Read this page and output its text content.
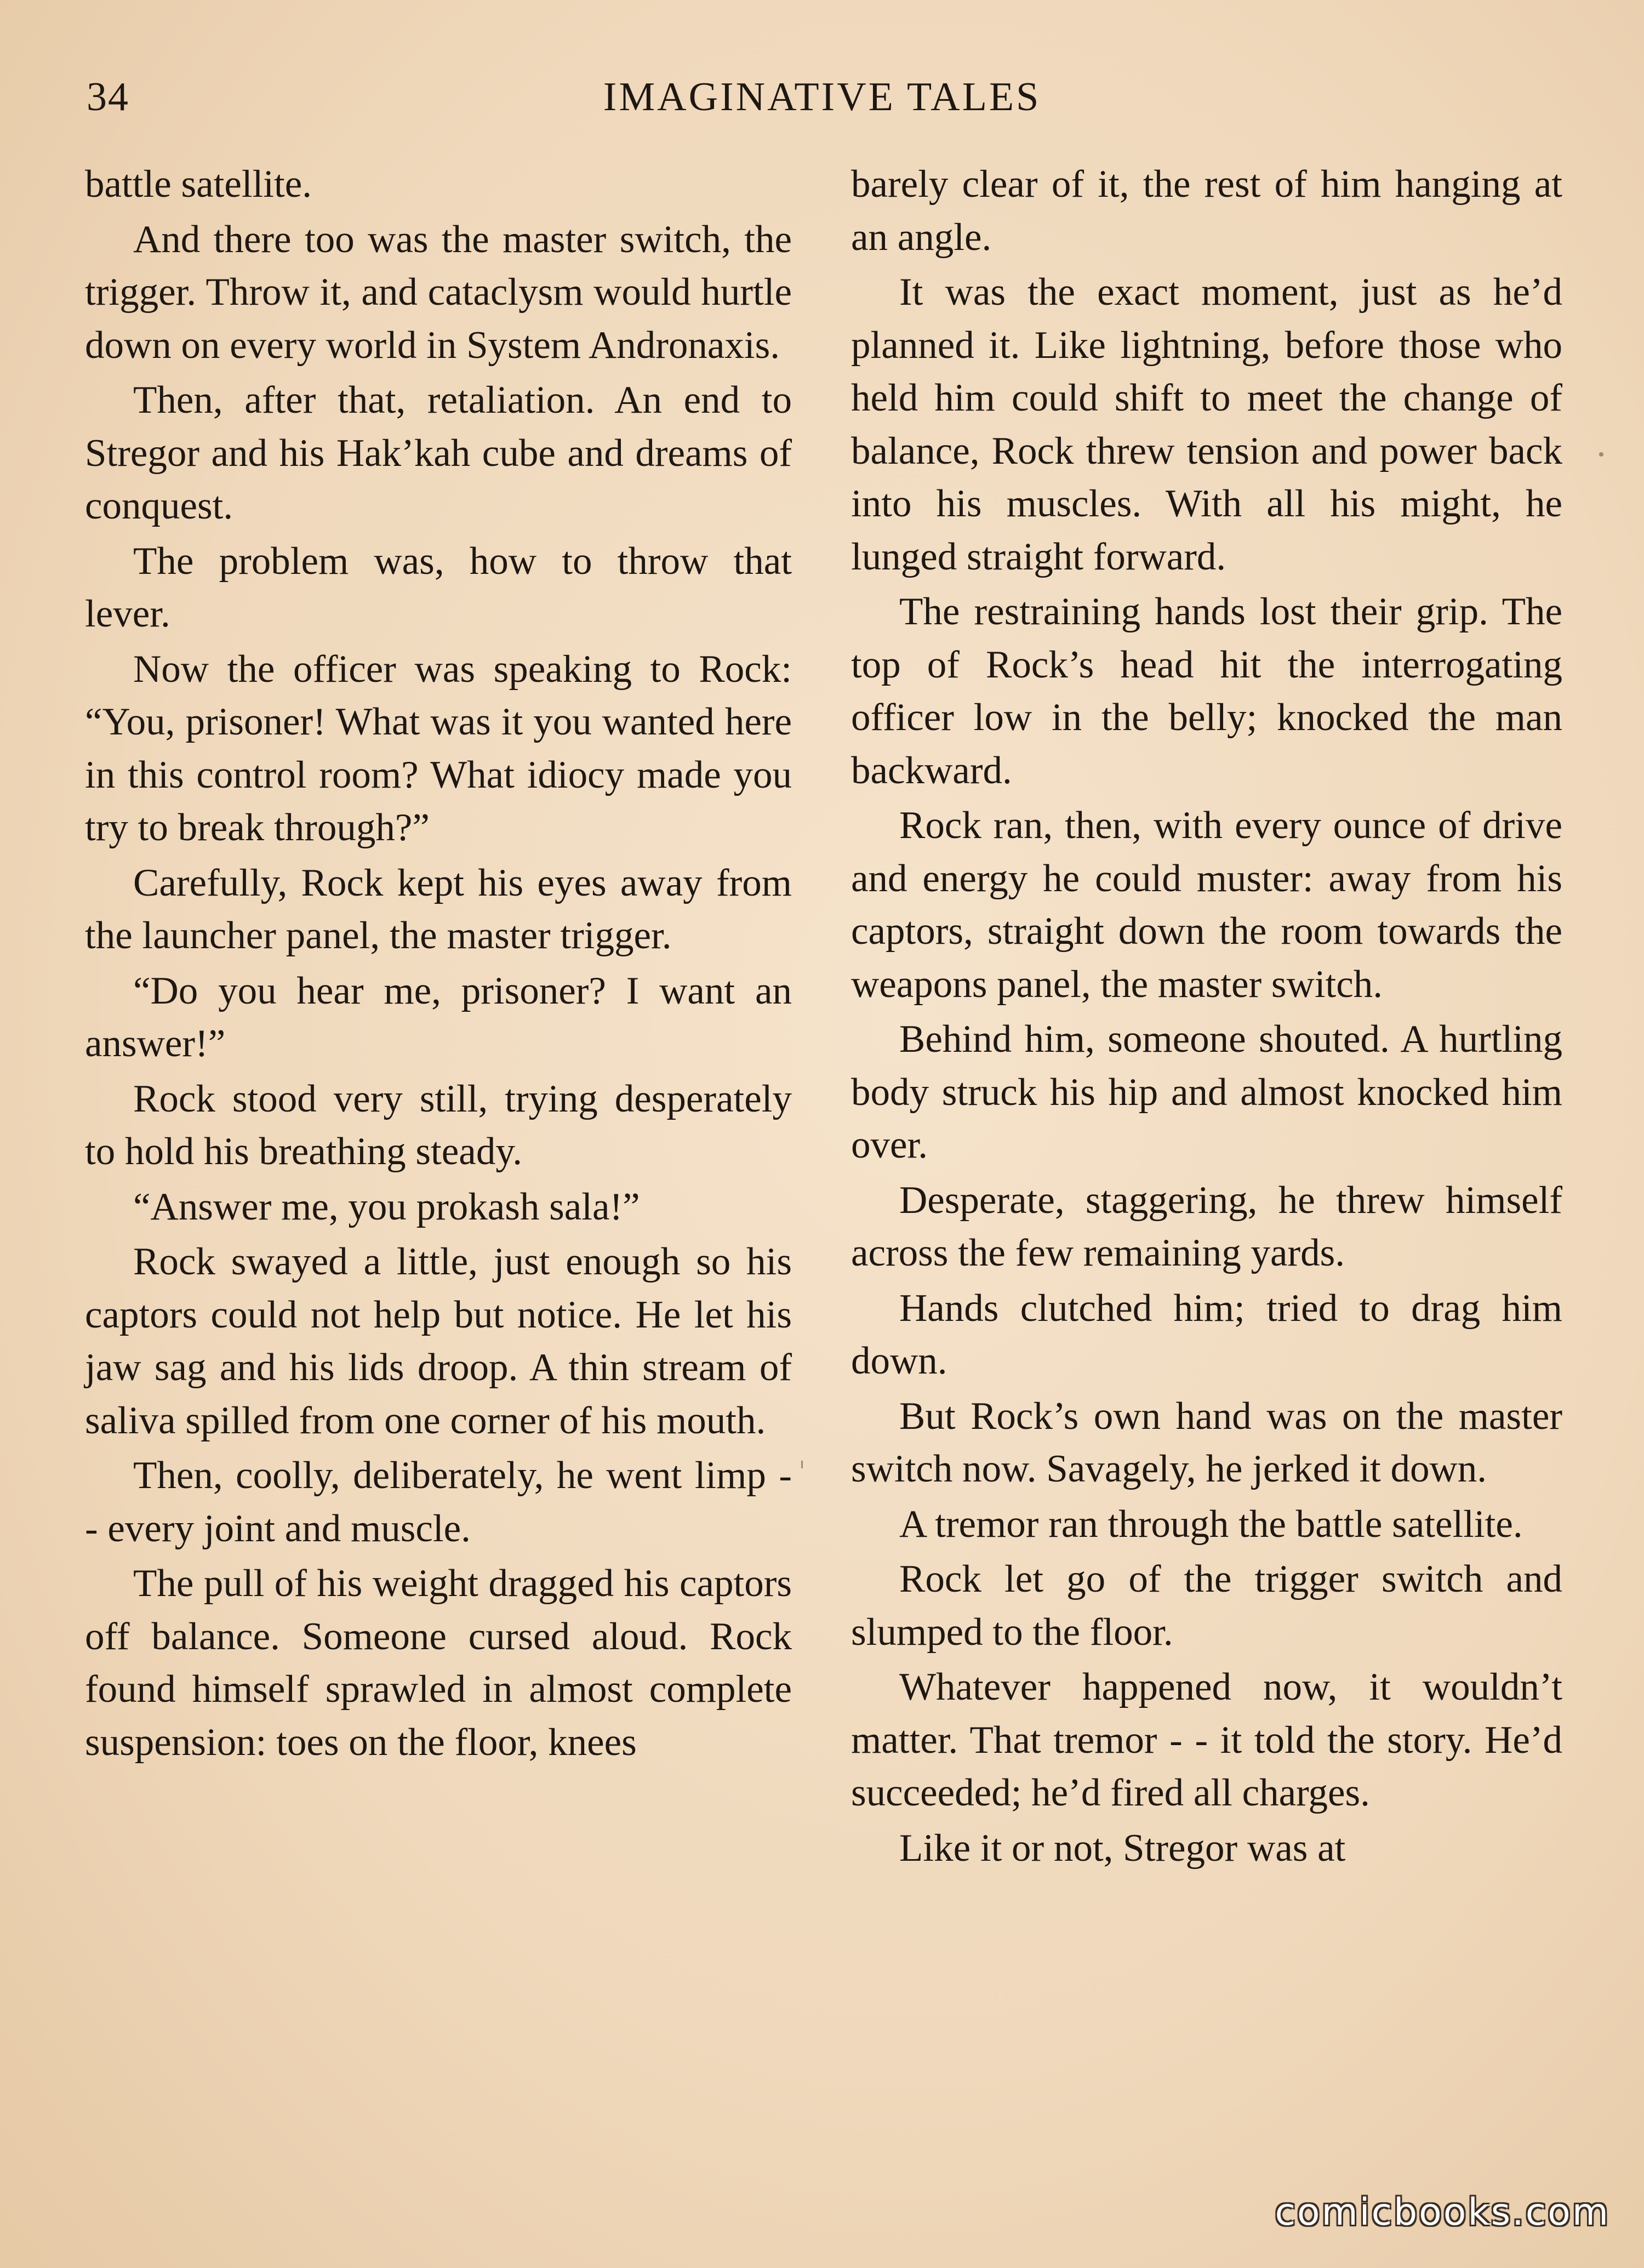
34	IMAGINATIVE TALES

battle satellite.

And there too was the master switch, the trigger. Throw it, and cataclysm would hurtle down on every world in System Andronaxis.

Then, after that, retaliation. An end to Stregor and his Hak’kah cube and dreams of conquest.

The problem was, how to throw that lever.

Now the officer was speaking to Rock: “You, prisoner! What was it you wanted here in this control room? What idiocy made you try to break through?”

Carefully, Rock kept his eyes away from the launcher panel, the master trigger.

“Do you hear me, prisoner? I want an answer!”

Rock stood very still, trying desperately to hold his breathing steady.

“Answer me, you prokash sala!”

Rock swayed a little, just enough so his captors could not help but notice. He let his jaw sag and his lids droop. A thin stream of saliva spilled from one corner of his mouth.

Then, coolly, deliberately, he went limp - - every joint and muscle.

The pull of his weight dragged his captors off balance. Someone cursed aloud. Rock found himself sprawled in almost complete suspension: toes on the floor, knees

barely clear of it, the rest of him hanging at an angle.

It was the exact moment, just as he’d planned it. Like lightning, before those who held him could shift to meet the change of balance, Rock threw tension and power back into his muscles. With all his might, he lunged straight forward.

The restraining hands lost their grip. The top of Rock’s head hit the interrogating officer low in the belly; knocked the man backward.

Rock ran, then, with every ounce of drive and energy he could muster: away from his captors, straight down the room towards the weapons panel, the master switch.

Behind him, someone shouted. A hurtling body struck his hip and almost knocked him over.

Desperate, staggering, he threw himself across the few remaining yards.

Hands clutched him; tried to drag him down.

But Rock’s own hand was on the master switch now. Savagely, he jerked it down.

A tremor ran through the battle satellite.

Rock let go of the trigger switch and slumped to the floor.

Whatever happened now, it wouldn’t matter. That tremor - - it told the story. He’d succeeded; he’d fired all charges.

Like it or not, Stregor was at

comicbooks.com
